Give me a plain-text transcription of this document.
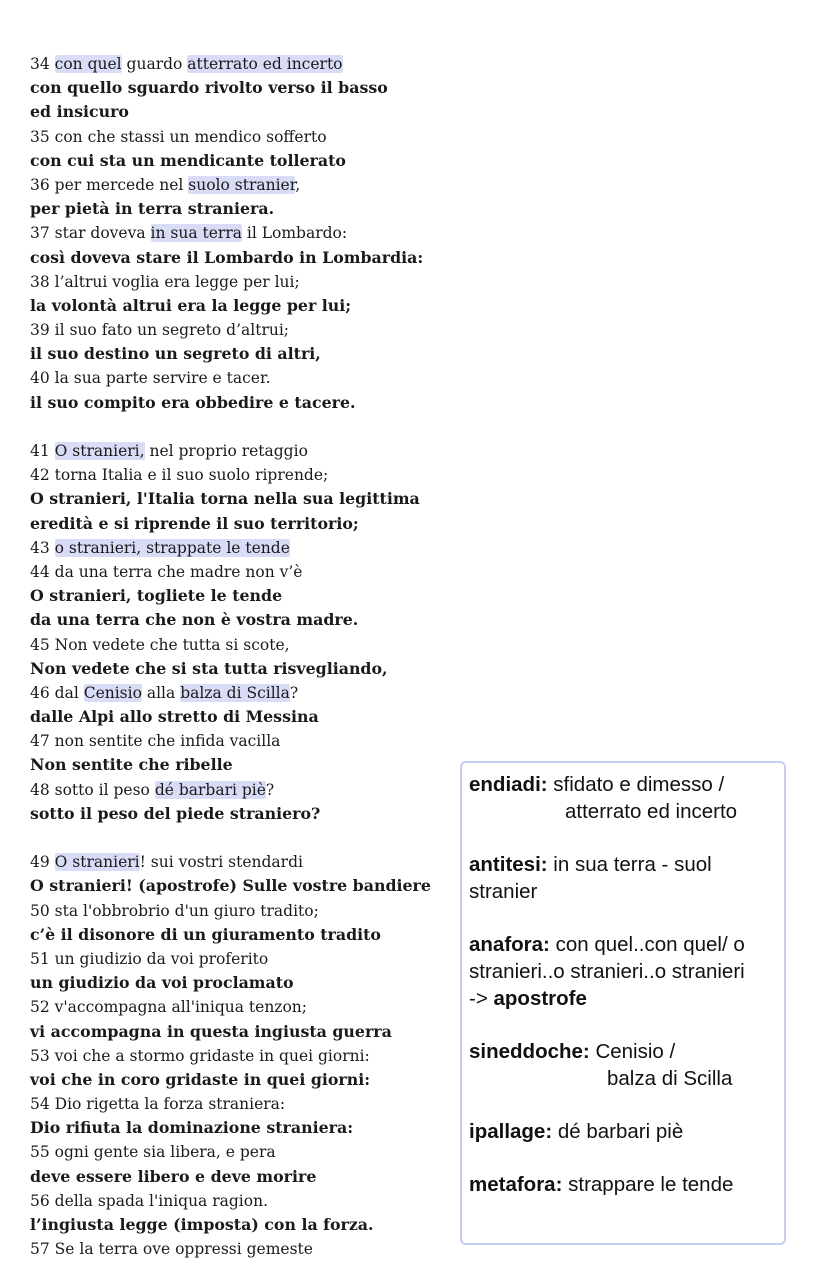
34 con quel guardo atterrato ed incerto
con quello sguardo rivolto verso il basso
ed insicuro
35 con che stassi un mendico sofferto
con cui sta un mendicante tollerato
36 per mercede nel suolo stranier,
per pietà in terra straniera.
37 star doveva in sua terra il Lombardo:
così doveva stare il Lombardo in Lombardia:
38 l’altrui voglia era legge per lui;
la volontà altrui era la legge per lui;
39 il suo fato un segreto d’altrui;
il suo destino un segreto di altri,
40 la sua parte servire e tacer.
il suo compito era obbedire e tacere.
41 O stranieri, nel proprio retaggio
42 torna Italia e il suo suolo riprende;
O stranieri, l'Italia torna nella sua legittima
eredità e si riprende il suo territorio;
43 o stranieri, strappate le tende
44 da una terra che madre non v’è
O stranieri, togliete le tende
da una terra che non è vostra madre.
45 Non vedete che tutta si scote,
Non vedete che si sta tutta risvegliando,
46 dal Cenisio alla balza di Scilla?
dalle Alpi allo stretto di Messina
47 non sentite che infida vacilla
Non sentite che ribelle
48 sotto il peso dé barbari piè?
sotto il peso del piede straniero?
49 O stranieri! sui vostri stendardi
O stranieri! (apostrofe) Sulle vostre bandiere
50 sta l'obbrobrio d'un giuro tradito;
c’è il disonore di un giuramento tradito
51 un giudizio da voi proferito
un giudizio da voi proclamato
52 v'accompagna all'iniqua tenzon;
vi accompagna in questa ingiusta guerra
53 voi che a stormo gridaste in quei giorni:
voi che in coro gridaste in quei giorni:
54 Dio rigetta la forza straniera:
Dio rifiuta la dominazione straniera:
55 ogni gente sia libera, e pera
deve essere libero e deve morire
56 della spada l'iniqua ragion.
l’ingiusta legge (imposta) con la forza.
57 Se la terra ove oppressi gemeste
endiadi: sfidato e dimesso /
atterrato ed incerto
antitesi: in sua terra - suol
stranier
anafora: con quel..con quel/ o
stranieri..o stranieri..o stranieri
-> apostrofe
sineddoche: Cenisio /
balza di Scilla
ipallage: dé barbari piè
metafora: strappare le tende
